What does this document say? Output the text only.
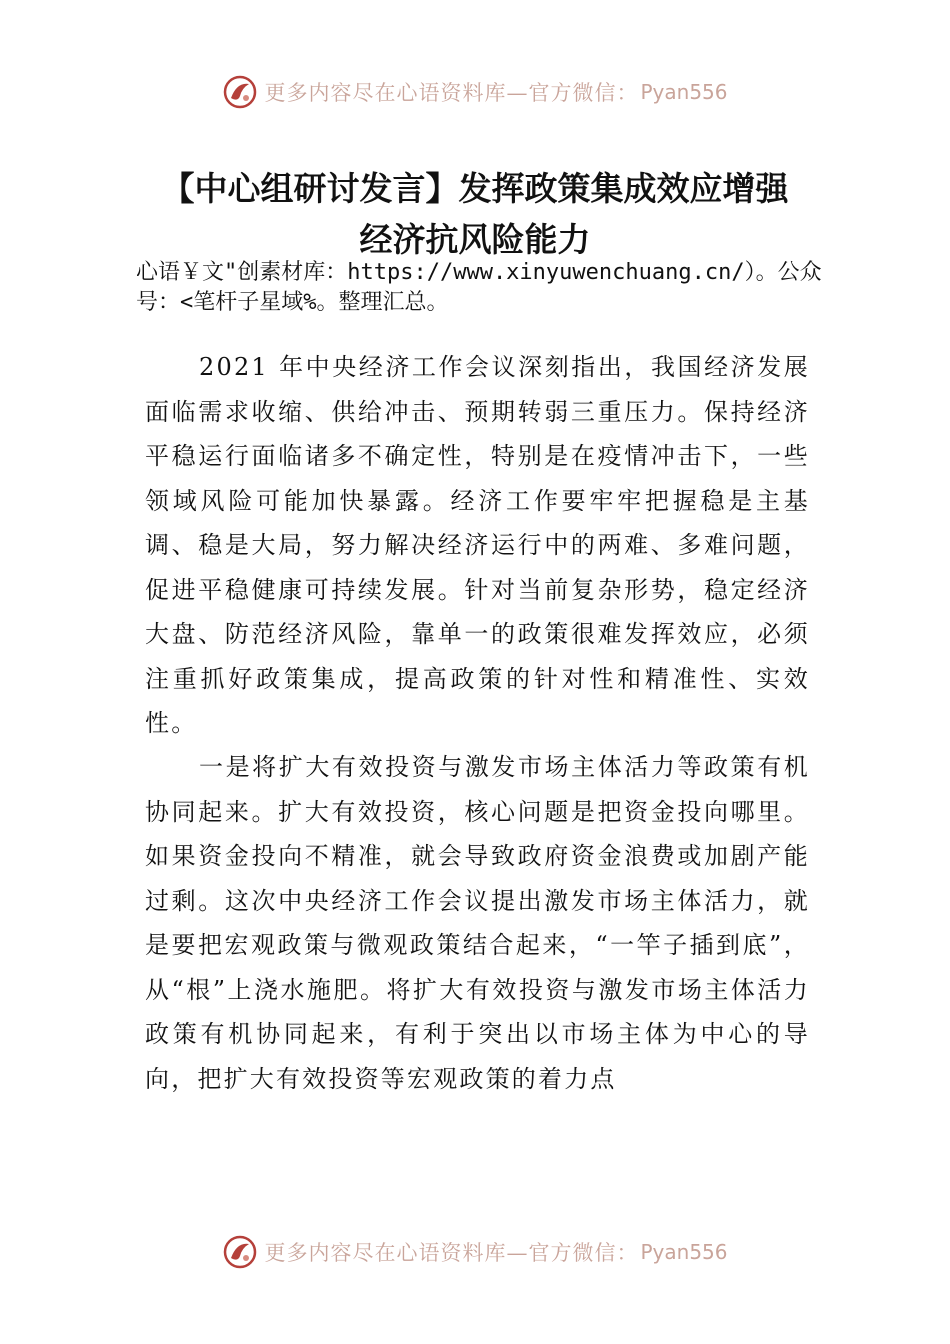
更多内容尽在心语资料库—官方微信： Pyan556
【中心组研讨发言】发挥政策集成效应增强
经济抗风险能力

心语￥文"创素材库：https://www.xinyuwenchuang.cn/）。公众号：<笔杆子星域%。整理汇总。

2021 年中央经济工作会议深刻指出，我国经济发展面临需求收缩、供给冲击、预期转弱三重压力。保持经济平稳运行面临诸多不确定性，特别是在疫情冲击下，一些领域风险可能加快暴露。经济工作要牢牢把握稳是主基调、稳是大局，努力解决经济运行中的两难、多难问题，促进平稳健康可持续发展。针对当前复杂形势，稳定经济大盘、防范经济风险，靠单一的政策很难发挥效应，必须注重抓好政策集成，提高政策的针对性和精准性、实效性。

一是将扩大有效投资与激发市场主体活力等政策有机协同起来。扩大有效投资，核心问题是把资金投向哪里。如果资金投向不精准，就会导致政府资金浪费或加剧产能过剩。这次中央经济工作会议提出激发市场主体活力，就是要把宏观政策与微观政策结合起来，“一竿子插到底”，从“根”上浇水施肥。将扩大有效投资与激发市场主体活力政策有机协同起来，有利于突出以市场主体为中心的导向，把扩大有效投资等宏观政策的着力点

更多内容尽在心语资料库—官方微信： Pyan556
